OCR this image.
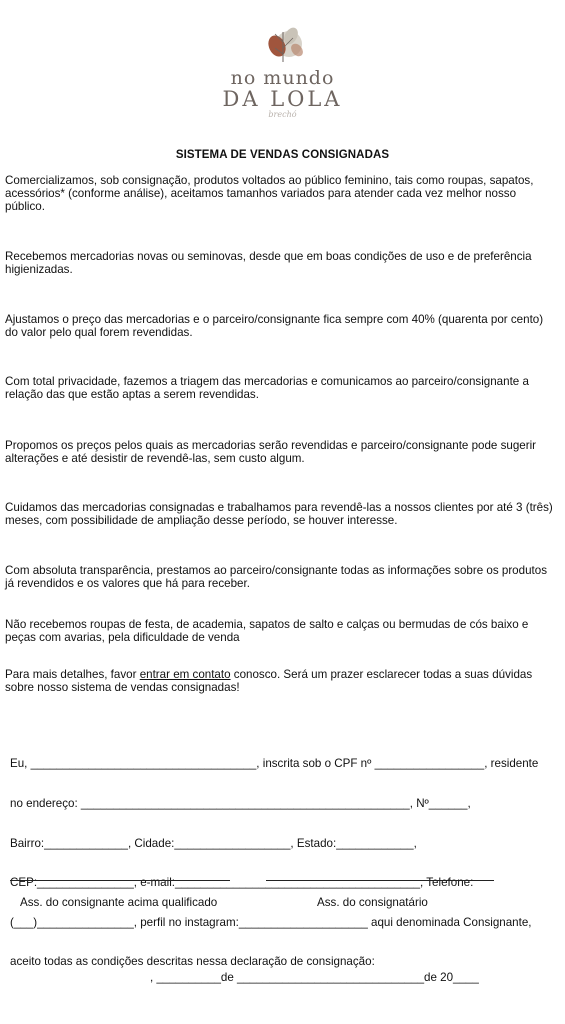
no mundo
DA LOLA
brechó
SISTEMA DE VENDAS CONSIGNADAS

Comercializamos, sob consignação, produtos voltados ao público feminino, tais como roupas, sapatos, acessórios* (conforme análise), aceitamos tamanhos variados para atender cada vez melhor nosso público.

Recebemos mercadorias novas ou seminovas, desde que em boas condições de uso e de preferência higienizadas.

Ajustamos o preço das mercadorias e o parceiro/consignante fica sempre com 40% (quarenta por cento) do valor pelo qual forem revendidas.

Com total privacidade, fazemos a triagem das mercadorias e comunicamos ao parceiro/consignante a relação das que estão aptas a serem revendidas.

Propomos os preços pelos quais as mercadorias serão revendidas e parceiro/consignante pode sugerir alterações e até desistir de revendê-las, sem custo algum.

Cuidamos das mercadorias consignadas e trabalhamos para revendê-las a nossos clientes por até 3 (três) meses, com possibilidade de ampliação desse período, se houver interesse.

Com absoluta transparência, prestamos ao parceiro/consignante todas as informações sobre os produtos já revendidos e os valores que há para receber.

Não recebemos roupas de festa, de academia, sapatos de salto e calças ou bermudas de cós baixo e peças com avarias, pela dificuldade de venda

Para mais detalhes, favor entrar em contato conosco. Será um prazer esclarecer todas a suas dúvidas sobre nosso sistema de vendas consignadas!

Eu, ___________________________________, inscrita sob o CPF nº _________________, residente

no endereço: ___________________________________________________, Nº______,

Bairro:_____________, Cidade:__________________, Estado:____________,

CEP:_______________, e-mail:______________________________________, Telefone:

(___)_______________, perfil no instagram:____________________ aqui denominada Consignante,

aceito todas as condições descritas nessa declaração de consignação:

Ass. do consignante acima qualificado	Ass. do consignatário
, __________de _____________________________de 20____
